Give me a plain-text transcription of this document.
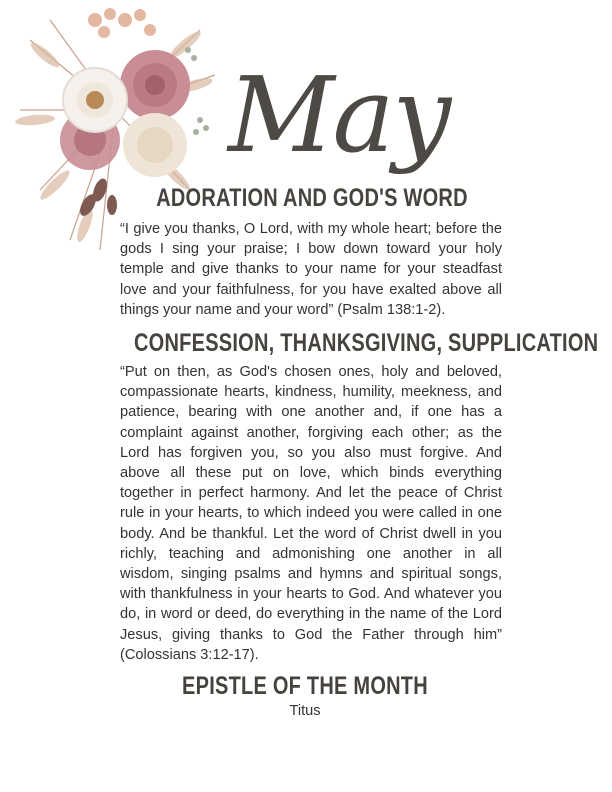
May
ADORATION AND GOD'S WORD
“I give you thanks, O Lord, with my whole heart; before the gods I sing your praise; I bow down toward your holy temple and give thanks to your name for your steadfast love and your faithfulness, for you have exalted above all things your name and your word” (Psalm 138:1-2).
CONFESSION, THANKSGIVING, SUPPLICATION
“Put on then, as God's chosen ones, holy and beloved, compassionate hearts, kindness, humility, meekness, and patience, bearing with one another and, if one has a complaint against another, forgiving each other; as the Lord has forgiven you, so you also must forgive. And above all these put on love, which binds everything together in perfect harmony. And let the peace of Christ rule in your hearts, to which indeed you were called in one body. And be thankful. Let the word of Christ dwell in you richly, teaching and admonishing one another in all wisdom, singing psalms and hymns and spiritual songs, with thankfulness in your hearts to God. And whatever you do, in word or deed, do everything in the name of the Lord Jesus, giving thanks to God the Father through him” (Colossians 3:12-17).
EPISTLE OF THE MONTH
Titus
